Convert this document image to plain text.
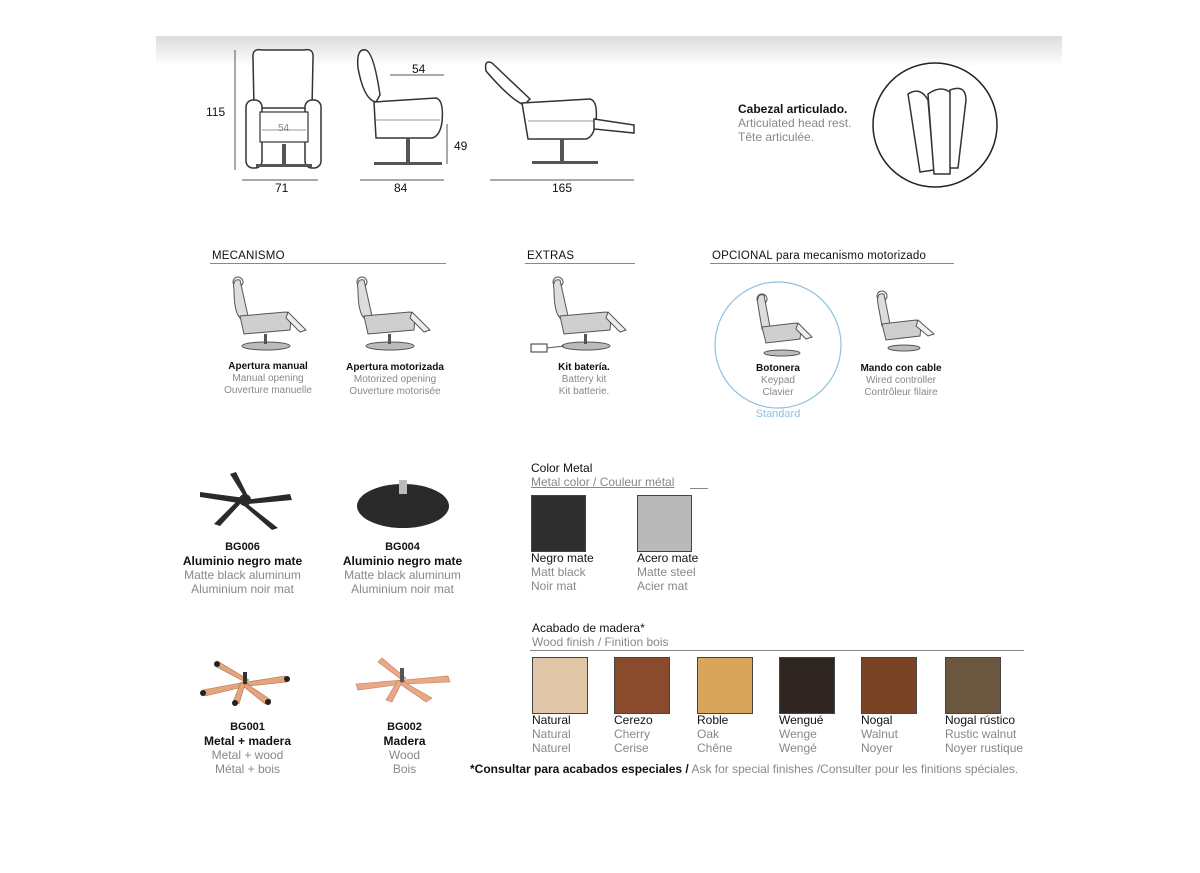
115
54
71
54
49
84	165
Cabezal articulado.
Articulated head rest.
Tête articulée.
MECANISMO	EXTRAS	OPCIONAL para mecanismo motorizado
Apertura manual
Manual opening
Ouverture manuelle
Apertura motorizada
Motorized opening
Ouverture motorisée
Kit batería.
Battery kit
Kit batterie.
Botonera
Keypad
Clavier
Standard
Mando con cable
Wired controller
Contrôleur filaire
BG006
Aluminio negro mate
Matte black aluminum
Aluminium noir mat
BG004
Aluminio negro mate
Matte black aluminum
Aluminium noir mat
BG001
Metal + madera
Metal + wood
Métal + bois
BG002
Madera
Wood
Bois
Color Metal
Metal color / Couleur métal
Negro mate
Matt black
Noir mat
Acero mate
Matte steel
Acier mat
Acabado de madera*
Wood finish / Finition bois
Natural
Natural
Naturel
Cerezo
Cherry
Cerise
Roble
Oak
Chêne
Wengué
Wenge
Wengé
Nogal
Walnut
Noyer
Nogal rústico
Rustic walnut
Noyer rustique
*Consultar para acabados especiales / Ask for special finishes /Consulter pour les finitions spéciales.
